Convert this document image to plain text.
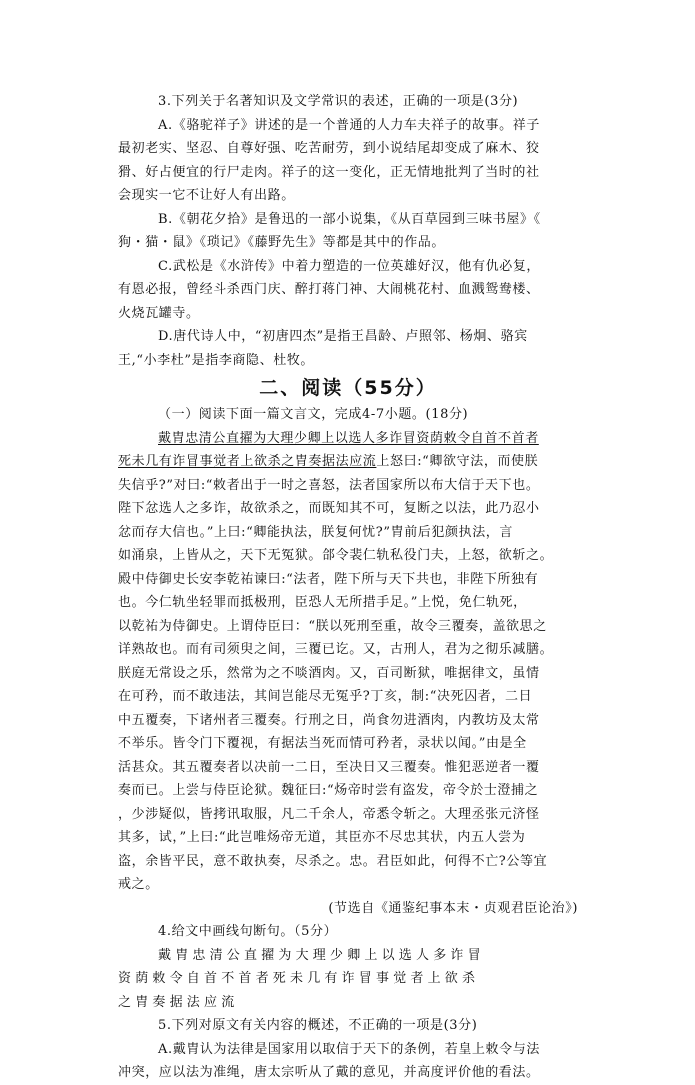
3.下列关于名著知识及文学常识的表述，正确的一项是(3分)
A.《骆驼祥子》讲述的是一个普通的人力车夫祥子的故事。祥子
最初老实、坚忍、自尊好强、吃苦耐劳，到小说结尾却变成了麻木、狡
猾、好占便宜的行尸走肉。祥子的这一变化，正无情地批判了当时的社
会现实一它不让好人有出路。
B.《朝花夕拾》是鲁迅的一部小说集，《从百草园到三味书屋》《
狗・猫・鼠》《琐记》《藤野先生》等都是其中的作品。
C.武松是《水浒传》中着力塑造的一位英雄好汉，他有仇必复，
有恩必报，曾经斗杀西门庆、醉打蒋门神、大闹桃花村、血溅鸳鸯楼、
火烧瓦罐寺。
D.唐代诗人中，“初唐四杰”是指王昌龄、卢照邻、杨炯、骆宾
王,“小李杜”是指李商隐、杜牧。
二、阅读（55分）
（一）阅读下面一篇文言文，完成4-7小题。(18分)
戴胄忠清公直擢为大理少卿上以选人多诈冒资荫敕令自首不首者
死未几有诈冒事觉者上欲杀之胄奏据法应流上怒曰:“卿欲守法，而使朕
失信乎?”对曰:“敕者出于一时之喜怒，法者国家所以布大信于天下也。
陛下忿选人之多诈，故欲杀之，而既知其不可，复断之以法，此乃忍小
忿而存大信也。”上曰:“卿能执法，朕复何忧?”胄前后犯颜执法，言
如涌泉，上皆从之，天下无冤狱。郃令裴仁轨私役门夫，上怒，欲斩之。
殿中侍御史长安李乾祐谏曰:“法者，陛下所与天下共也，非陛下所独有
也。今仁轨坐轻罪而抵极刑，臣恐人无所措手足。”上悦，免仁轨死，
以乾祐为侍御史。上谓侍臣曰：“朕以死刑至重，故令三覆奏，盖欲思之
详熟故也。而有司须臾之间，三覆已讫。又，古刑人，君为之彻乐减膳。
朕庭无常设之乐，然常为之不啖酒肉。又，百司断狱，唯据律文，虽情
在可矜，而不敢违法，其间岂能尽无冤乎?丁亥，制:“决死囚者，二日
中五覆奏，下诸州者三覆奏。行刑之日，尚食勿进酒肉，内教坊及太常
不举乐。皆令门下覆视，有据法当死而情可矜者，录状以闻。”由是全
活甚众。其五覆奏者以决前一二日，至决日又三覆奏。惟犯恶逆者一覆
奏而已。上尝与侍臣论狱。魏征曰:“炀帝时尝有盗发，帝令於士澄捕之
，少涉疑似，皆拷讯取服，凡二千余人，帝悉令斩之。大理丞张元济怪
其多，试，”上曰:“此岂唯炀帝无道，其臣亦不尽忠其状，内五人尝为
盗，余皆平民，意不敢执奏，尽杀之。忠。君臣如此，何得不亡?公等宜
戒之。
(节选自《通鉴纪事本末・贞观君臣论治》)
4.给文中画线句断句。（5分）
戴胄忠清公直擢为大理少卿上以选人多诈冒
资荫敕令自首不首者死未几有诈冒事觉者上欲杀
之胄奏据法应流
5.下列对原文有关内容的概述，不正确的一项是(3分)
A.戴胄认为法律是国家用以取信于天下的条例，若皇上敕令与法
冲突，应以法为准绳，唐太宗听从了戴的意见，并高度评价他的看法。
